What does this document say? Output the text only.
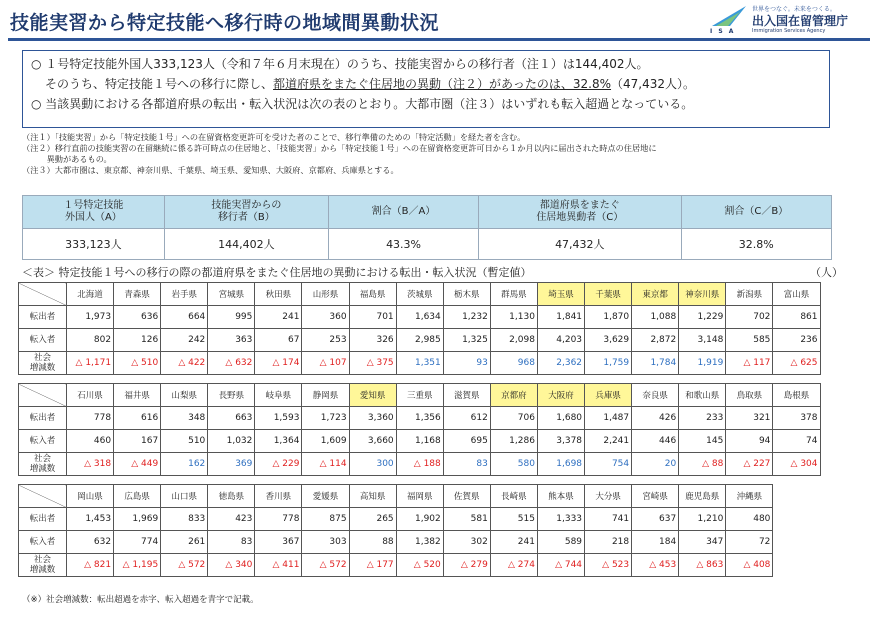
技能実習から特定技能へ移行時の地域間異動状況	I S A
世界をつなぐ。未来をつくる。
出入国在留管理庁
Immigration Services Agency
○ １号特定技能外国人333,123人（令和７年６月末現在）のうち、技能実習からの移行者（注１）は144,402人。
そのうち、特定技能１号への移行に際し、都道府県をまたぐ住居地の異動（注２）があったのは、32.8%（47,432人）。
○ 当該異動における各都道府県の転出・転入状況は次の表のとおり。大都市圏（注３）はいずれも転入超過となっている。
（注１）「技能実習」から「特定技能１号」への在留資格変更許可を受けた者のことで、移行準備のための「特定活動」を経た者を含む。
（注２）移行直前の技能実習の在留継続に係る許可時点の住居地と、「技能実習」から「特定技能１号」への在留資格変更許可日から１か月以内に届出された時点の住居地に
　　　異動があるもの。
（注３）大都市圏は、東京都、神奈川県、千葉県、埼玉県、愛知県、大阪府、京都府、兵庫県とする。
１号特定技能
外国人（A）	技能実習からの
移行者（B）	割合（B／A）	都道府県をまたぐ
住居地異動者（C）	割合（C／B）
333,123人	144,402人	43.3%	47,432人	32.8%
＜表＞ 特定技能１号への移行の際の都道府県をまたぐ住居地の異動における転出・転入状況（暫定値）	（人）
	北海道	青森県	岩手県	宮城県	秋田県	山形県	福島県	茨城県	栃木県	群馬県	埼玉県	千葉県	東京都	神奈川県	新潟県	富山県
転出者	1,973	636	664	995	241	360	701	1,634	1,232	1,130	1,841	1,870	1,088	1,229	702	861
転入者	802	126	242	363	67	253	326	2,985	1,325	2,098	4,203	3,629	2,872	3,148	585	236
社会
増減数	△ 1,171	△ 510	△ 422	△ 632	△ 174	△ 107	△ 375	1,351	93	968	2,362	1,759	1,784	1,919	△ 117	△ 625
	石川県	福井県	山梨県	長野県	岐阜県	静岡県	愛知県	三重県	滋賀県	京都府	大阪府	兵庫県	奈良県	和歌山県	鳥取県	島根県
転出者	778	616	348	663	1,593	1,723	3,360	1,356	612	706	1,680	1,487	426	233	321	378
転入者	460	167	510	1,032	1,364	1,609	3,660	1,168	695	1,286	3,378	2,241	446	145	94	74
社会
増減数	△ 318	△ 449	162	369	△ 229	△ 114	300	△ 188	83	580	1,698	754	20	△ 88	△ 227	△ 304
	岡山県	広島県	山口県	徳島県	香川県	愛媛県	高知県	福岡県	佐賀県	長崎県	熊本県	大分県	宮崎県	鹿児島県	沖縄県	
転出者	1,453	1,969	833	423	778	875	265	1,902	581	515	1,333	741	637	1,210	480	
転入者	632	774	261	83	367	303	88	1,382	302	241	589	218	184	347	72	
社会
増減数	△ 821	△ 1,195	△ 572	△ 340	△ 411	△ 572	△ 177	△ 520	△ 279	△ 274	△ 744	△ 523	△ 453	△ 863	△ 408	
（※）社会増減数：転出超過を赤字、転入超過を青字で記載。
